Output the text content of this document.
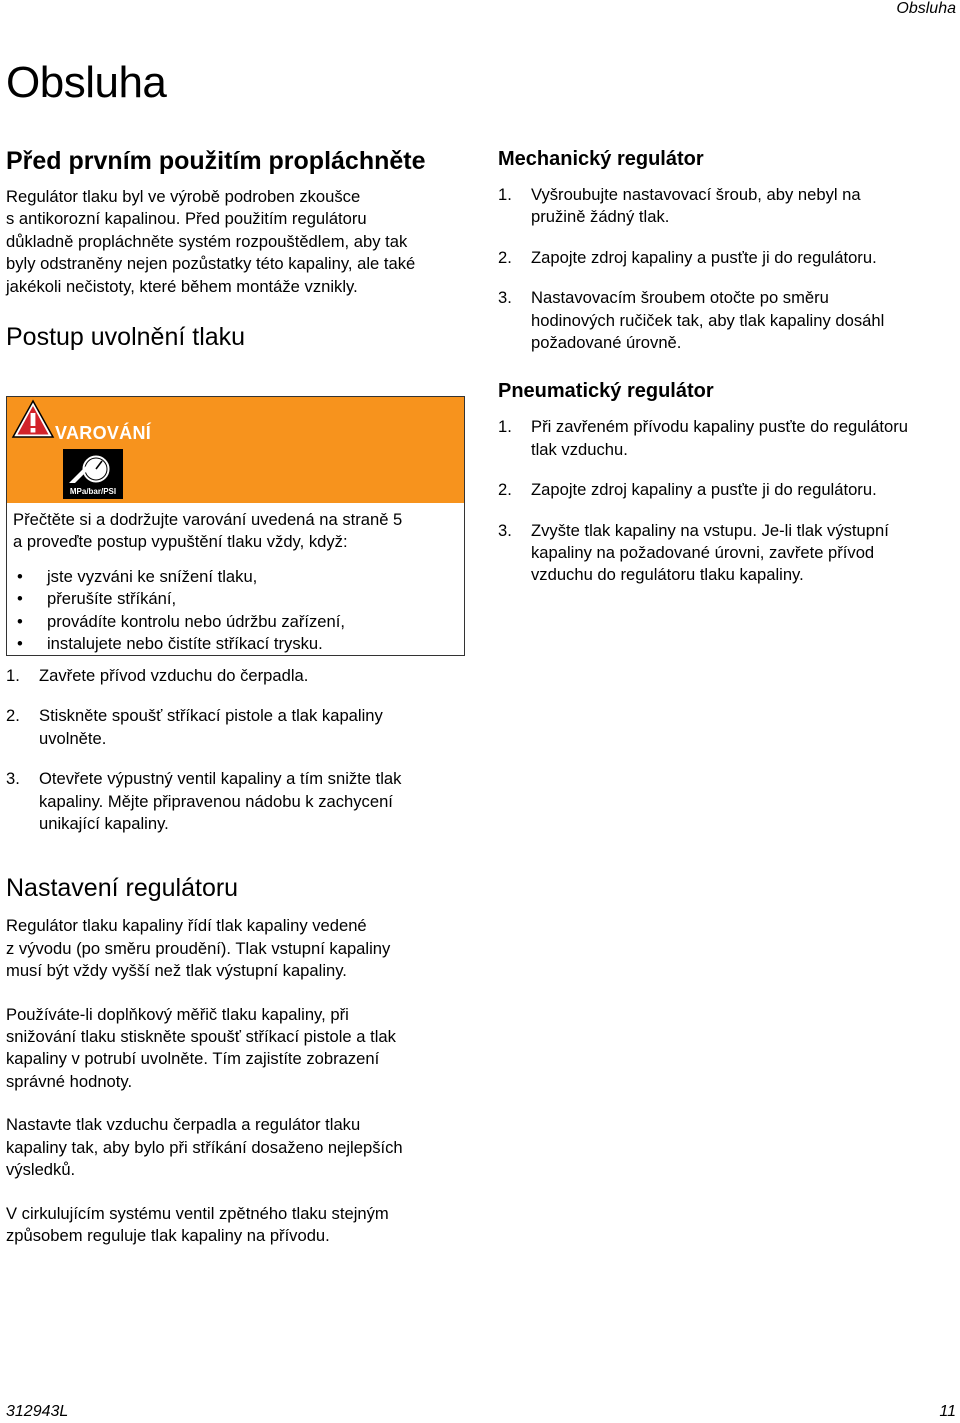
Obsluha
Obsluha
Před prvním použitím propláchněte

Regulátor tlaku byl ve výrobě podroben zkoušce
s antikorozní kapalinou. Před použitím regulátoru
důkladně propláchněte systém rozpouštědlem, aby tak
byly odstraněny nejen pozůstatky této kapaliny, ale také
jakékoli nečistoty, které během montáže vznikly.

Postup uvolnění tlaku
VAROVÁNÍ
MPa/bar/PSI

Přečtěte si a dodržujte varování uvedená na straně 5
a proveďte postup vypuštění tlaku vždy, když:

• jste vyzváni ke snížení tlaku,
• přerušíte stříkání,
• provádíte kontrolu nebo údržbu zařízení,
• instalujete nebo čistíte stříkací trysku.
1. Zavřete přívod vzduchu do čerpadla.
2. Stiskněte spoušť stříkací pistole a tlak kapaliny
uvolněte.
3. Otevřete výpustný ventil kapaliny a tím snižte tlak
kapaliny. Mějte připravenou nádobu k zachycení
unikající kapaliny.
Nastavení regulátoru

Regulátor tlaku kapaliny řídí tlak kapaliny vedené
z vývodu (po směru proudění). Tlak vstupní kapaliny
musí být vždy vyšší než tlak výstupní kapaliny.

Používáte-li doplňkový měřič tlaku kapaliny, při
snižování tlaku stiskněte spoušť stříkací pistole a tlak
kapaliny v potrubí uvolněte. Tím zajistíte zobrazení
správné hodnoty.

Nastavte tlak vzduchu čerpadla a regulátor tlaku
kapaliny tak, aby bylo při stříkání dosaženo nejlepších
výsledků.

V cirkulujícím systému ventil zpětného tlaku stejným
způsobem reguluje tlak kapaliny na přívodu.

Mechanický regulátor
1. Vyšroubujte nastavovací šroub, aby nebyl na
pružině žádný tlak.
2. Zapojte zdroj kapaliny a pusťte ji do regulátoru.
3. Nastavovacím šroubem otočte po směru
hodinových ručiček tak, aby tlak kapaliny dosáhl
požadované úrovně.
Pneumatický regulátor
1. Při zavřeném přívodu kapaliny pusťte do regulátoru
tlak vzduchu.
2. Zapojte zdroj kapaliny a pusťte ji do regulátoru.
3. Zvyšte tlak kapaliny na vstupu. Je-li tlak výstupní
kapaliny na požadované úrovni, zavřete přívod
vzduchu do regulátoru tlaku kapaliny.
312943L	11
